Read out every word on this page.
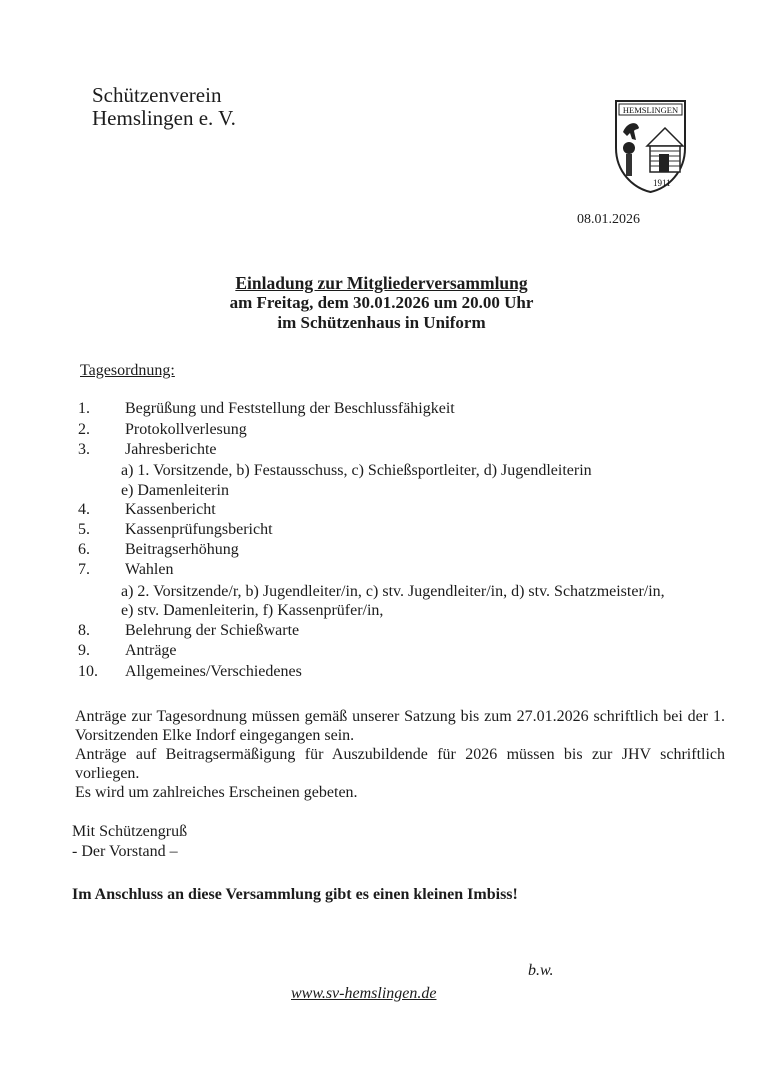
Schützenverein
Hemslingen e. V.	HEMSLINGEN
1911
08.01.2026
Einladung zur Mitgliederversammlung
am Freitag, dem 30.01.2026 um 20.00 Uhr
im Schützenhaus in Uniform
Tagesordnung:
1.	Begrüßung und Feststellung der Beschlussfähigkeit
2.	Protokollverlesung
3.	Jahresberichte
a) 1. Vorsitzende, b) Festausschuss, c) Schießsportleiter, d) Jugendleiterin
e) Damenleiterin
4.	Kassenbericht
5.	Kassenprüfungsbericht
6.	Beitragserhöhung
7.	Wahlen
a) 2. Vorsitzende/r, b) Jugendleiter/in, c) stv. Jugendleiter/in, d) stv. Schatzmeister/in,
e) stv. Damenleiterin, f) Kassenprüfer/in,
8.	Belehrung der Schießwarte
9.	Anträge
10.	Allgemeines/Verschiedenes

Anträge zur Tagesordnung müssen gemäß unserer Satzung bis zum 27.01.2026 schriftlich bei der 1. Vorsitzenden Elke Indorf eingegangen sein.

Anträge auf Beitragsermäßigung für Auszubildende für 2026 müssen bis zur JHV schriftlich vorliegen.

Es wird um zahlreiches Erscheinen gebeten.

Mit Schützengruß
- Der Vorstand –
Im Anschluss an diese Versammlung gibt es einen kleinen Imbiss!
b.w.
www.sv-hemslingen.de
